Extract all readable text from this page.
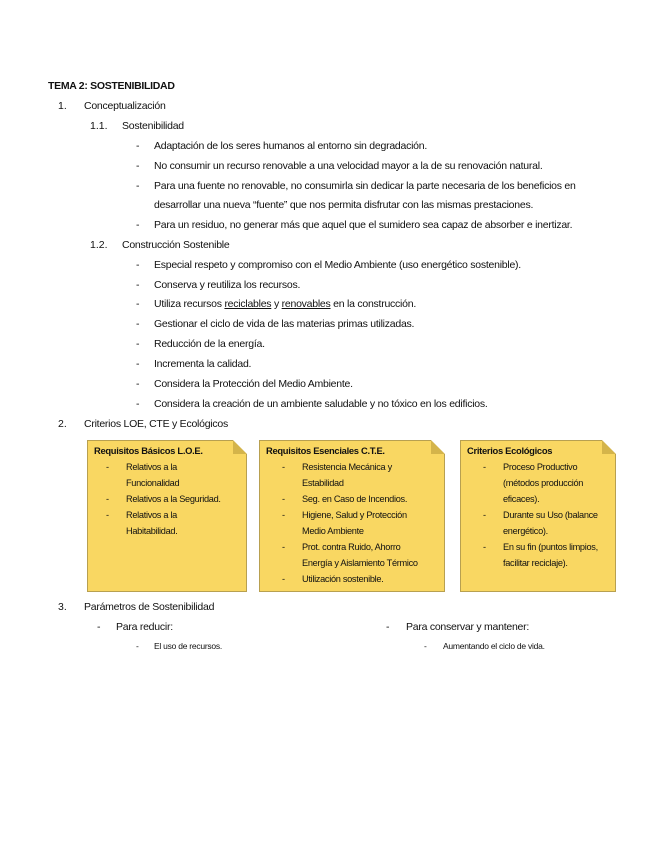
TEMA 2: SOSTENIBILIDAD
1. Conceptualización
1.1. Sostenibilidad
- Adaptación de los seres humanos al entorno sin degradación.
- No consumir un recurso renovable a una velocidad mayor a la de su renovación natural.
- Para una fuente no renovable, no consumirla sin dedicar la parte necesaria de los beneficios en
desarrollar una nueva “fuente” que nos permita disfrutar con las mismas prestaciones.
- Para un residuo, no generar más que aquel que el sumidero sea capaz de absorber e inertizar.
1.2. Construcción Sostenible
- Especial respeto y compromiso con el Medio Ambiente (uso energético sostenible).
- Conserva y reutiliza los recursos.
- Utiliza recursos reciclables y renovables en la construcción.
- Gestionar el ciclo de vida de las materias primas utilizadas.
- Reducción de la energía.
- Incrementa la calidad.
- Considera la Protección del Medio Ambiente.
- Considera la creación de un ambiente saludable y no tóxico en los edificios.
2. Criterios LOE, CTE y Ecológicos
Requisitos Básicos L.O.E.
- Relativos a la
Funcionalidad
- Relativos a la Seguridad.
- Relativos a la
Habitabilidad.
Requisitos Esenciales C.T.E.
- Resistencia Mecánica y
Estabilidad
- Seg. en Caso de Incendios.
- Higiene, Salud y Protección
Medio Ambiente
- Prot. contra Ruido, Ahorro
Energía y Aislamiento Térmico
- Utilización sostenible.
Criterios Ecológicos
- Proceso Productivo
(métodos producción
eficaces).
- Durante su Uso (balance
energético).
- En su fin (puntos limpios,
facilitar reciclaje).
3. Parámetros de Sostenibilidad
- Para reducir:
- El uso de recursos.
- Para conservar y mantener:
- Aumentando el ciclo de vida.
